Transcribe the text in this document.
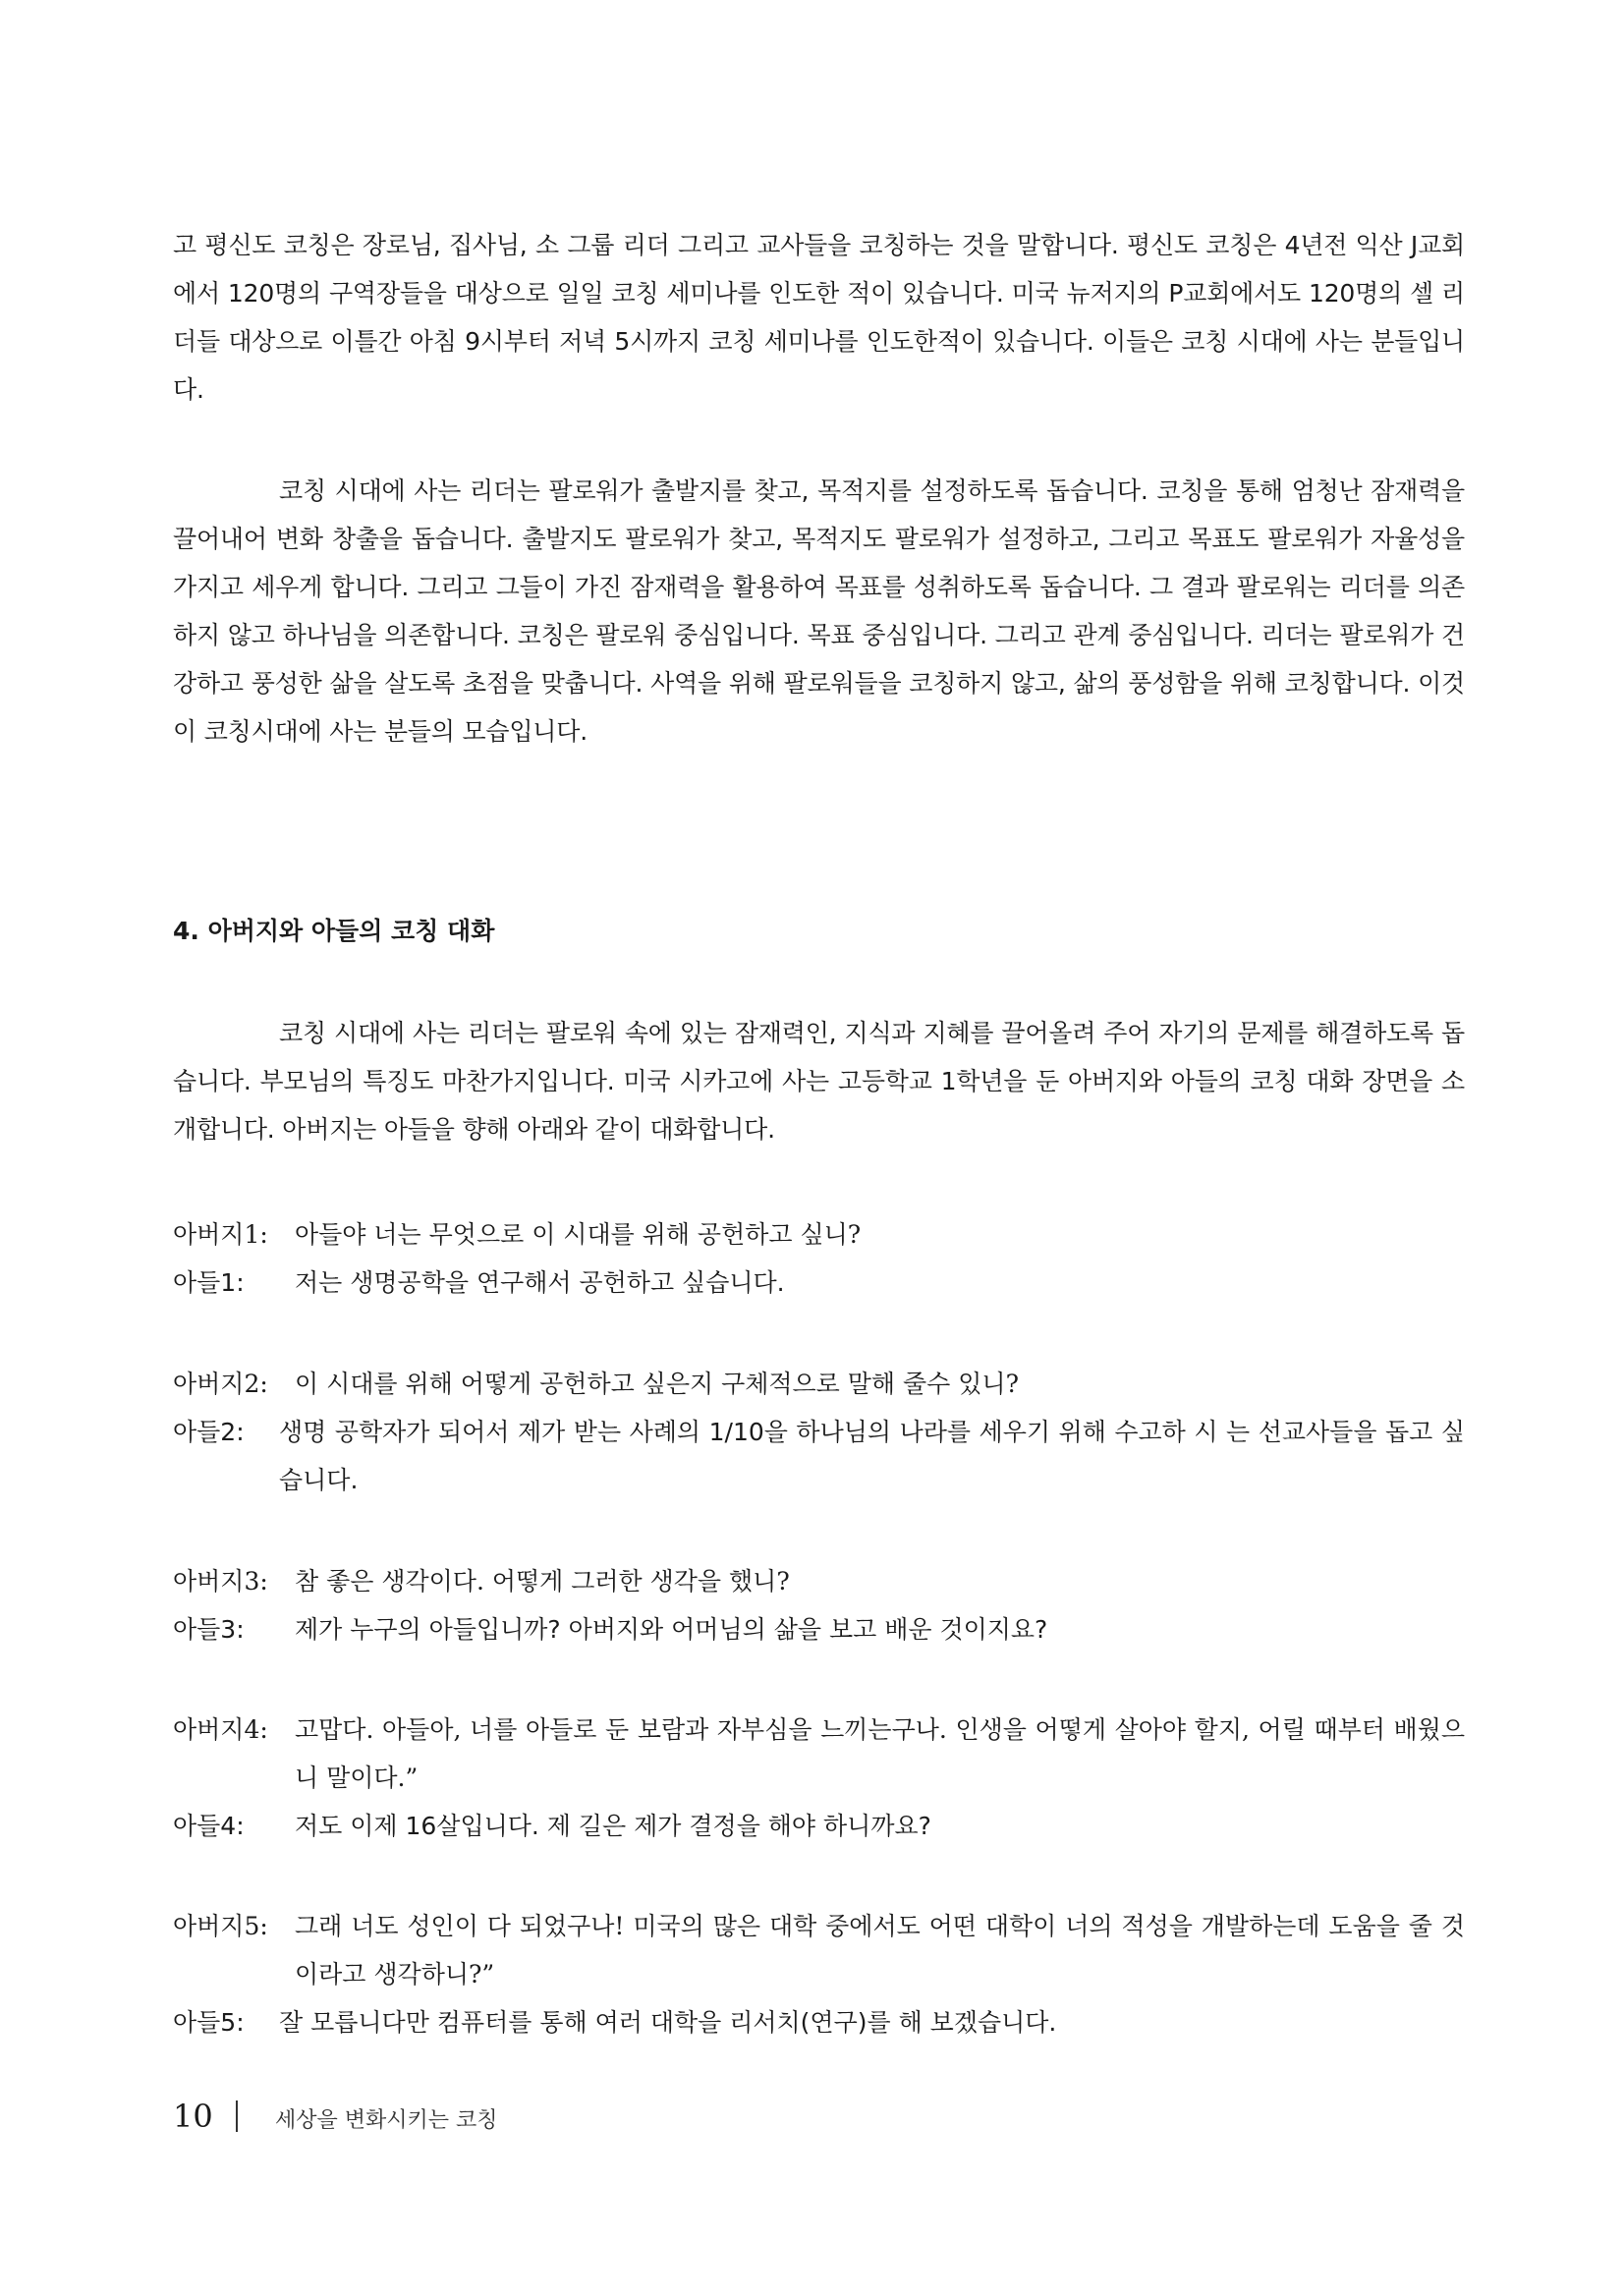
고 평신도 코칭은 장로님, 집사님, 소 그룹 리더 그리고 교사들을 코칭하는 것을 말합니다. 평신도 코칭은 4년전 익산 J교회에서 120명의 구역장들을 대상으로 일일 코칭 세미나를 인도한 적이 있습니다. 미국 뉴저지의 P교회에서도 120명의 셀 리더들 대상으로 이틀간 아침 9시부터 저녁 5시까지 코칭 세미나를 인도한적이 있습니다. 이들은 코칭 시대에 사는 분들입니다.
코칭 시대에 사는 리더는 팔로워가 출발지를 찾고, 목적지를 설정하도록 돕습니다. 코칭을 통해 엄청난 잠재력을 끌어내어 변화 창출을 돕습니다. 출발지도 팔로워가 찾고, 목적지도 팔로워가 설정하고, 그리고 목표도 팔로워가 자율성을 가지고 세우게 합니다. 그리고 그들이 가진 잠재력을 활용하여 목표를 성취하도록 돕습니다. 그 결과 팔로워는 리더를 의존하지 않고 하나님을 의존합니다. 코칭은 팔로워 중심입니다. 목표 중심입니다. 그리고 관계 중심입니다. 리더는 팔로워가 건강하고 풍성한 삶을 살도록 초점을 맞춥니다. 사역을 위해 팔로워들을 코칭하지 않고, 삶의 풍성함을 위해 코칭합니다. 이것이 코칭시대에 사는 분들의 모습입니다.
4. 아버지와 아들의 코칭 대화
코칭 시대에 사는 리더는 팔로워 속에 있는 잠재력인, 지식과 지혜를 끌어올려 주어 자기의 문제를 해결하도록 돕습니다. 부모님의 특징도 마찬가지입니다. 미국 시카고에 사는 고등학교 1학년을 둔 아버지와 아들의 코칭 대화 장면을 소개합니다. 아버지는 아들을 향해 아래와 같이 대화합니다.
아버지1: 아들야 너는 무엇으로 이 시대를 위해 공헌하고 싶니?
아들1: 저는 생명공학을 연구해서 공헌하고 싶습니다.
아버지2: 이 시대를 위해 어떻게 공헌하고 싶은지 구체적으로 말해 줄수 있니?
아들2: 생명 공학자가 되어서 제가 받는 사례의 1/10을 하나님의 나라를 세우기 위해 수고하 시 는 선교사들을 돕고 싶습니다.
아버지3: 참 좋은 생각이다. 어떻게 그러한 생각을 했니?
아들3: 제가 누구의 아들입니까? 아버지와 어머님의 삶을 보고 배운 것이지요?
아버지4: 고맙다. 아들아, 너를 아들로 둔 보람과 자부심을 느끼는구나. 인생을 어떻게 살아야 할지, 어릴 때부터 배웠으니 말이다.”
아들4: 저도 이제 16살입니다. 제 길은 제가 결정을 해야 하니까요?
아버지5: 그래 너도 성인이 다 되었구나! 미국의 많은 대학 중에서도 어떤 대학이 너의 적성을 개발하는데 도움을 줄 것이라고 생각하니?”
아들5: 잘 모릅니다만 컴퓨터를 통해 여러 대학을 리서치(연구)를 해 보겠습니다.
10	세상을 변화시키는 코칭
